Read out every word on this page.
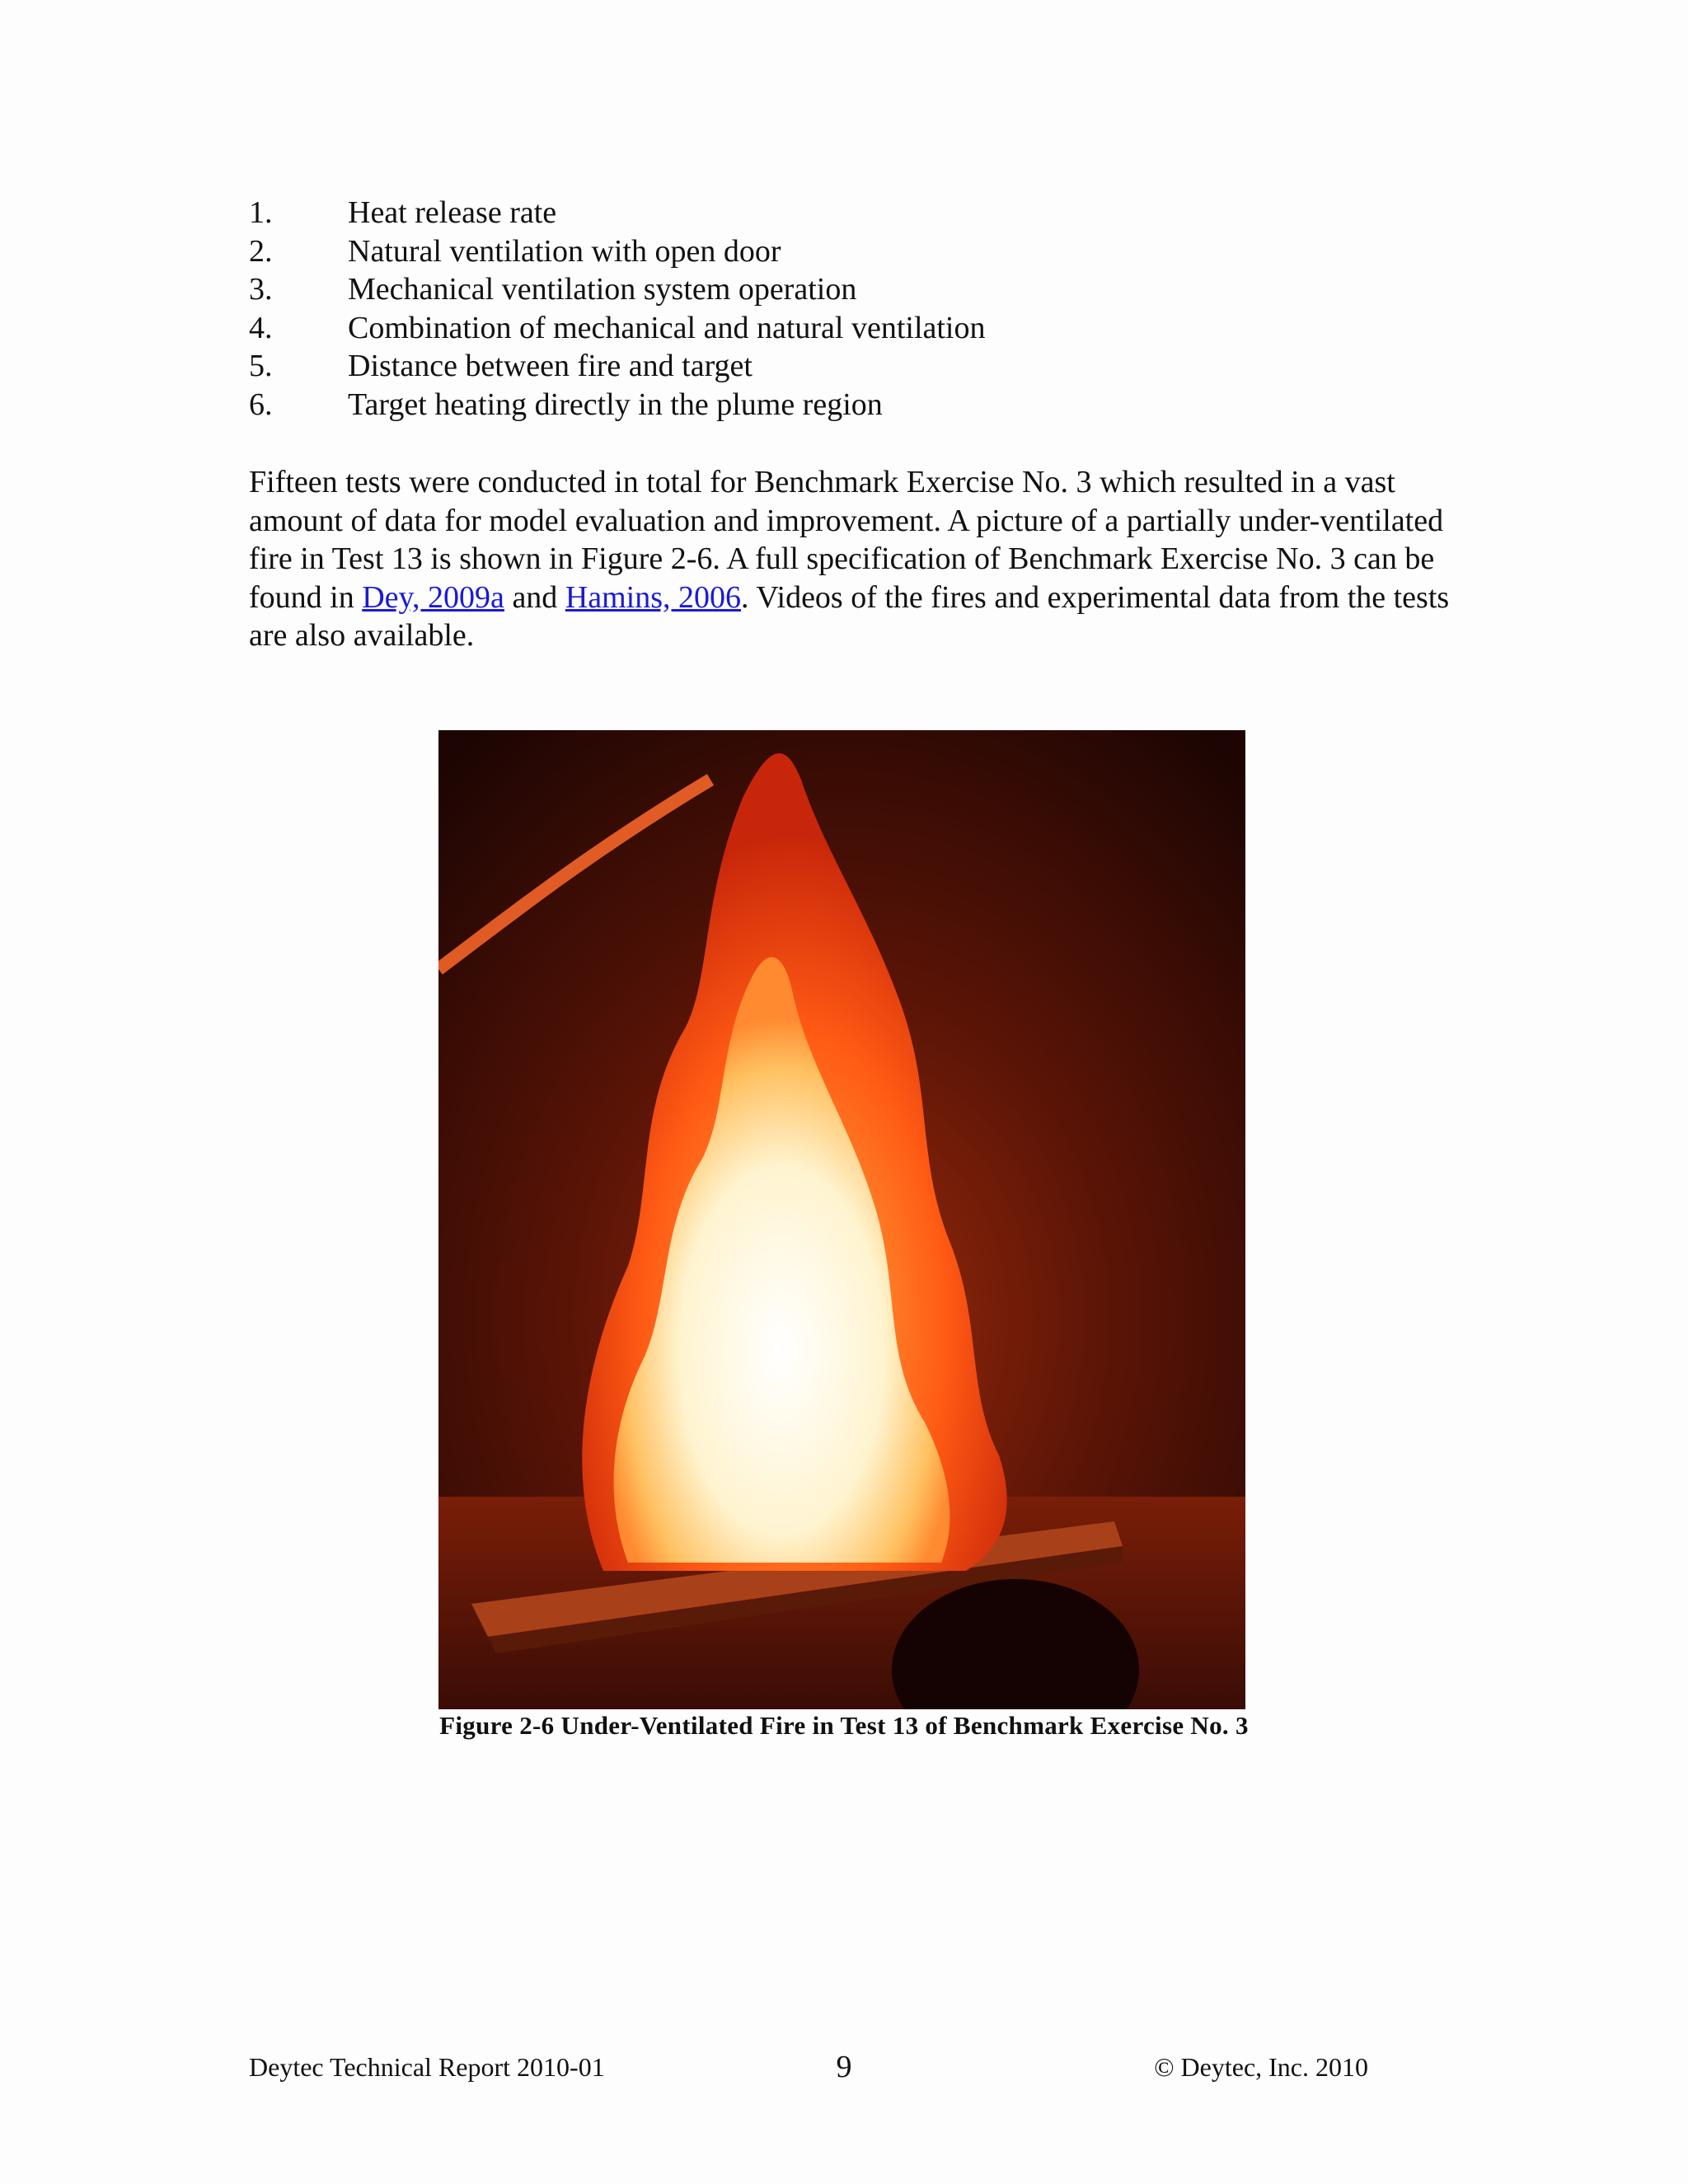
1.	Heat release rate
2.	Natural ventilation with open door
3.	Mechanical ventilation system operation
4.	Combination of mechanical and natural ventilation
5.	Distance between fire and target
6.	Target heating directly in the plume region

Fifteen tests were conducted in total for Benchmark Exercise No. 3 which resulted in a vast amount of data for model evaluation and improvement. A picture of a partially under-ventilated fire in Test 13 is shown in Figure 2-6. A full specification of Benchmark Exercise No. 3 can be found in Dey, 2009a and Hamins, 2006. Videos of the fires and experimental data from the tests are also available.

Figure 2-6 Under-Ventilated Fire in Test 13 of Benchmark Exercise No. 3
Deytec Technical Report 2010-01	9	© Deytec, Inc. 2010
